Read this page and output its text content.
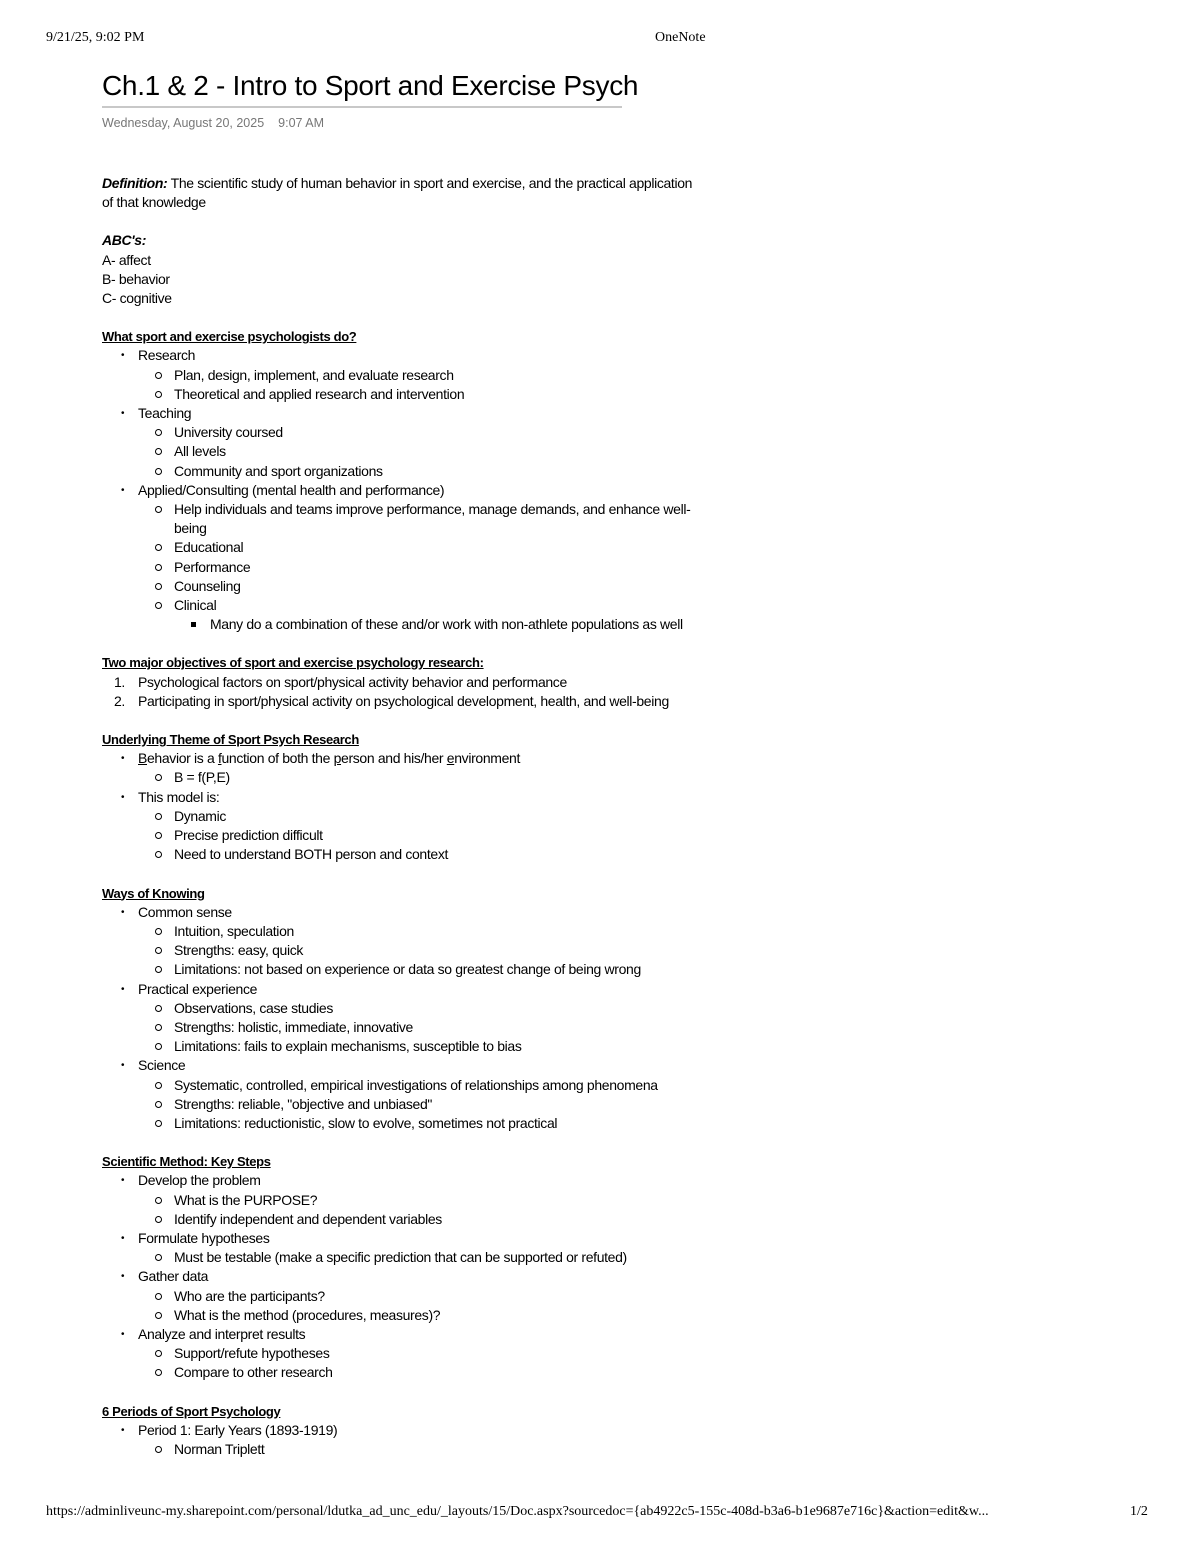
9/21/25, 9:02 PM	OneNote
Ch.1 & 2 - Intro to Sport and Exercise Psych
Wednesday, August 20, 2025 9:07 AM

Definition: The scientific study of human behavior in sport and exercise, and the practical application of that knowledge

ABC's:

A- affect

B- behavior

C- cognitive

What sport and exercise psychologists do?

• Research
Plan, design, implement, and evaluate research
Theoretical and applied research and intervention
• Teaching
University coursed
All levels
Community and sport organizations
• Applied/Consulting (mental health and performance)
Help individuals and teams improve performance, manage demands, and enhance well-being
Educational
Performance
Counseling
Clinical
Many do a combination of these and/or work with non-athlete populations as well

Two major objectives of sport and exercise psychology research:

1. Psychological factors on sport/physical activity behavior and performance
2. Participating in sport/physical activity on psychological development, health, and well-being

Underlying Theme of Sport Psych Research

• Behavior is a function of both the person and his/her environment
B = f(P,E)
• This model is:
Dynamic
Precise prediction difficult
Need to understand BOTH person and context

Ways of Knowing

• Common sense
Intuition, speculation
Strengths: easy, quick
Limitations: not based on experience or data so greatest change of being wrong
• Practical experience
Observations, case studies
Strengths: holistic, immediate, innovative
Limitations: fails to explain mechanisms, susceptible to bias
• Science
Systematic, controlled, empirical investigations of relationships among phenomena
Strengths: reliable, "objective and unbiased"
Limitations: reductionistic, slow to evolve, sometimes not practical

Scientific Method: Key Steps

• Develop the problem
What is the PURPOSE?
Identify independent and dependent variables
• Formulate hypotheses
Must be testable (make a specific prediction that can be supported or refuted)
• Gather data
Who are the participants?
What is the method (procedures, measures)?
• Analyze and interpret results
Support/refute hypotheses
Compare to other research

6 Periods of Sport Psychology

• Period 1: Early Years (1893-1919)
Norman Triplett
https://adminliveunc-my.sharepoint.com/personal/ldutka_ad_unc_edu/_layouts/15/Doc.aspx?sourcedoc={ab4922c5-155c-408d-b3a6-b1e9687e716c}&action=edit&w...	1/2
